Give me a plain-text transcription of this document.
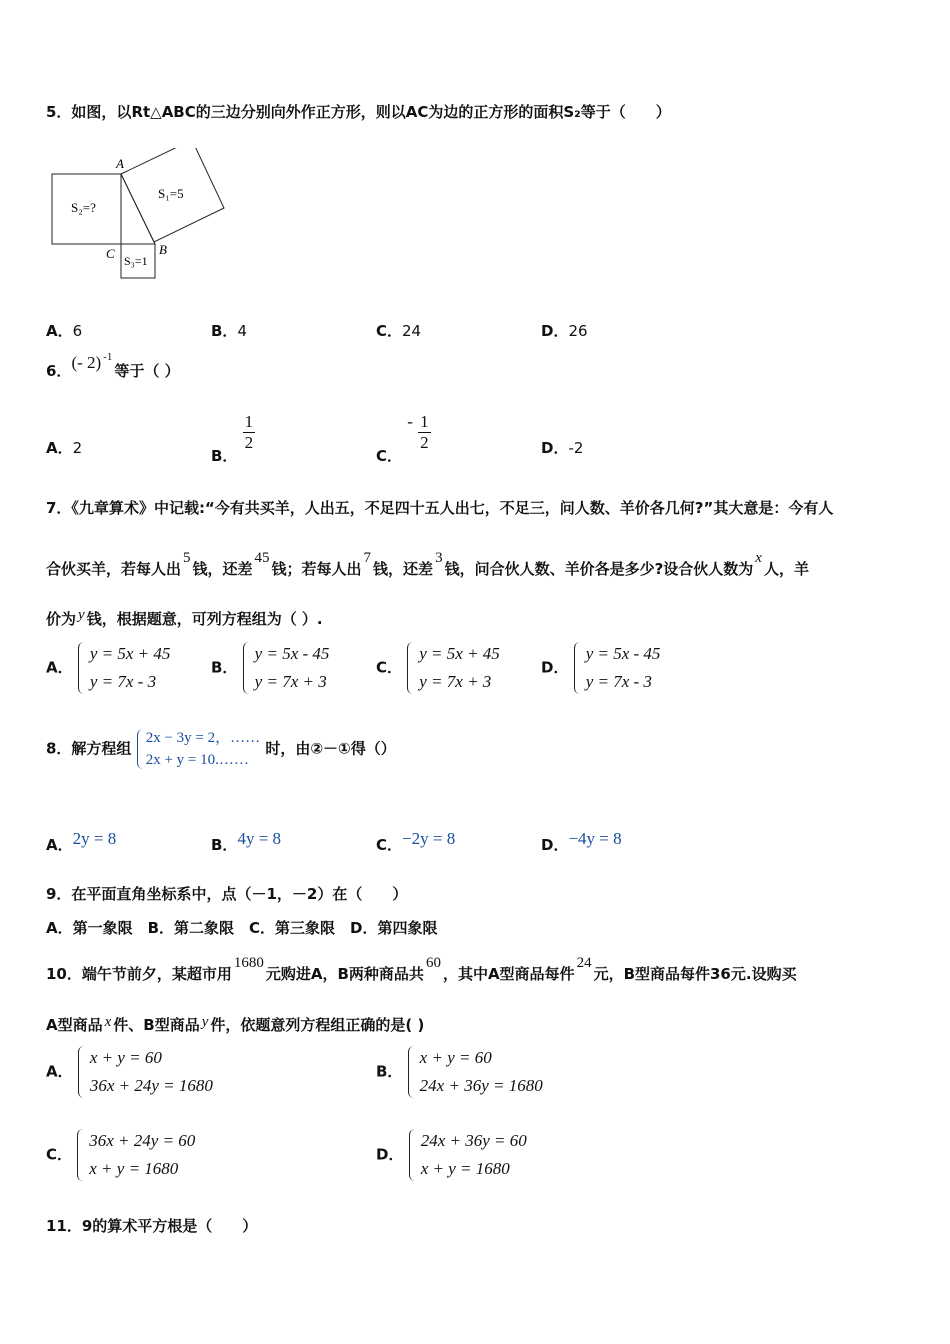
5．如图，以Rt△ABC的三边分别向外作正方形，则以AC为边的正方形的面积S₂等于（　　）
A
C	B
S₁=5
S₂=?
S₃=1
A．6	B．4	C．24	D．26
6．(- 2) $^{-1}$等于（ ）
A．2	B．
$\frac{1}{2}$
C． - $\frac{1}{2}$	D．-2
7．《九章算术》中记载:“今有共买羊，人出五，不足四十五人出七，不足三，问人数、羊价各几何?”其大意是：今有人
合伙买羊，若每人出5钱，还差45钱；若每人出7钱，还差3钱，问合伙人数、羊价各是多少?设合伙人数为x人，羊
价为 y 钱，根据题意，可列方程组为（ ）.
A．
y = 5x + 45
y = 7x - 3
B．
y = 5x - 45
y = 7x + 3
C．
y = 5x + 45
y = 7x + 3
D．
y = 5x - 45
y = 7x - 3
8．解方程组
2x − 3y = 2，……
2x + y = 10.……
时，由②－①得（）
A．2y = 8	B．4y = 8	C．−2y = 8	D．−4y = 8
9．在平面直角坐标系中，点（－1，－2）在（　　）
A．第一象限　B．第二象限　C．第三象限　D．第四象限
10．端午节前夕，某超市用1680元购进A，B两种商品共60，其中A型商品每件24元，B型商品每件36元.设购买
A型商品 x 件、B型商品 y 件，依题意列方程组正确的是( )
A．
x + y = 60
36x + 24y = 1680
B．
x + y = 60
24x + 36y = 1680
C．
36x + 24y = 60
x + y = 1680
D．
24x + 36y = 60
x + y = 1680
11．9的算术平方根是（　　）
